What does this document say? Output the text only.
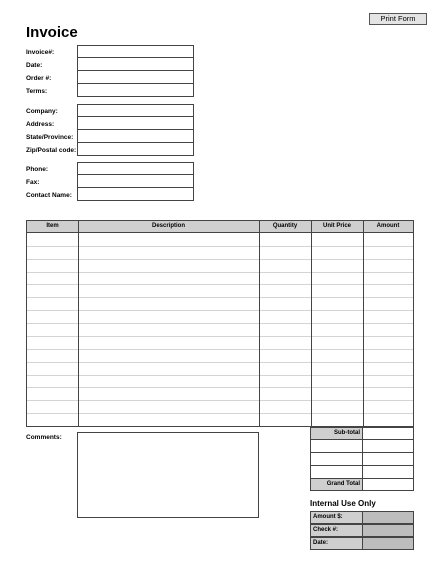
Invoice
Print Form
Invoice#:
Date:
Order #:
Terms:
Company:
Address:
State/Province:
Zip/Postal code:
Phone:
Fax:
Contact Name:
Item	Description	Quantity	Unit Price	Amount
Sub-total
Grand Total
Comments:
Internal Use Only
Amount $:
Check #:
Date:
